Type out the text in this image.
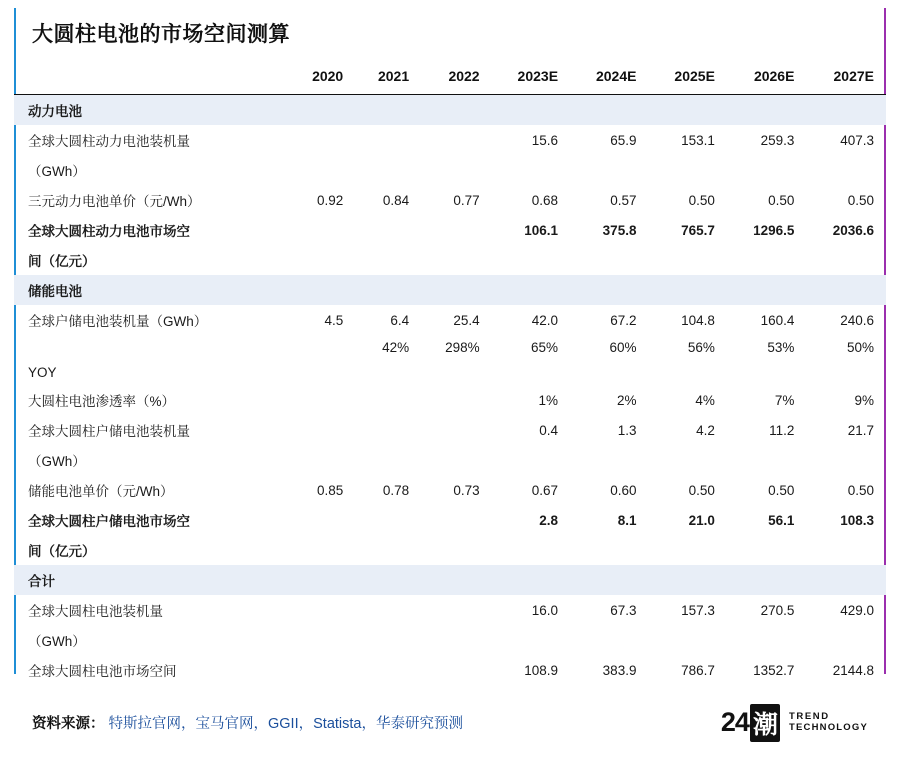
大圆柱电池的市场空间测算
	2020	2021	2022	2023E	2024E	2025E	2026E	2027E
动力电池								
全球大圆柱动力电池装机量				15.6	65.9	153.1	259.3	407.3
（GWh）								
三元动力电池单价（元/Wh）	0.92	0.84	0.77	0.68	0.57	0.50	0.50	0.50
全球大圆柱动力电池市场空				106.1	375.8	765.7	1296.5	2036.6
间（亿元）								
储能电池								
全球户储电池装机量（GWh）	4.5	6.4	25.4	42.0	67.2	104.8	160.4	240.6
		42%	298%	65%	60%	56%	53%	50%
YOY								
大圆柱电池渗透率（%）				1%	2%	4%	7%	9%
全球大圆柱户储电池装机量				0.4	1.3	4.2	11.2	21.7
（GWh）								
储能电池单价（元/Wh）	0.85	0.78	0.73	0.67	0.60	0.50	0.50	0.50
全球大圆柱户储电池市场空				2.8	8.1	21.0	56.1	108.3
间（亿元）								
合计								
全球大圆柱电池装机量				16.0	67.3	157.3	270.5	429.0
（GWh）								
全球大圆柱电池市场空间				108.9	383.9	786.7	1352.7	2144.8

资料来源： 特斯拉官网，宝马官网，GGII，Statista，华泰研究预测	24 潮	TREND
TECHNOLOGY
